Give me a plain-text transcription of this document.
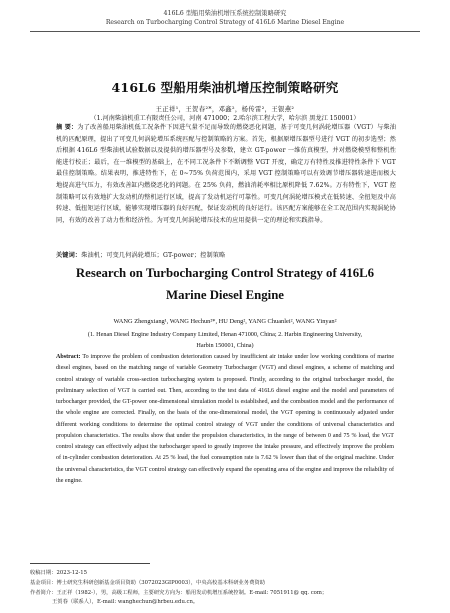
416L6 型船用柴油机增压系统控制策略研究
Research on Turbocharging Control Strategy of 416L6 Marine Diesel Engine
416L6 型船用柴油机增压控制策略研究
王正祥¹，王贺春²*，邓鑫²，杨传雷²，王银燕²
（1.河南柴油机重工有限责任公司，河南 471000；2.哈尔滨工程大学，哈尔滨 黑龙江 150001）
摘 要：为了改善船用柴油机低工况条件下因进气量不足而导致的燃烧恶化问题，基于可变几何涡轮增压器（VGT）与柴油机的匹配原理，提出了可变几何涡轮增压系统匹配与控制策略的方案。首先，根据原增压器型号进行 VGT 的初步选型；然后根据 416L6 型柴油机试验数据以及提供的增压器型号及参数，建立 GT-power 一维仿真模型，并对燃烧模型和整机性能进行校正；最后，在一维模型的基础上，在不同工况条件下不断调整 VGT 开度，确定万有特性及推进特性条件下 VGT 最佳控制策略。结果表明，推进特性下，在 0~75% 负荷范围内，采用 VGT 控制策略可以有效调节增压器转速进而极大地提高进气压力，有效改善缸内燃烧恶化的问题。在 25% 负荷，燃油消耗率相比原机降低 7.62%。万有特性下，VGT 控制策略可以有效地扩大发动机的整机运行区域，提高了发动机运行可靠性。可变几何涡轮增压模式在低转速、全扭矩及中高转速、低扭矩运行区域，能够实现增压器的良好匹配，保证发动机的良好运行。该匹配方案能够在全工况范围内实现涡轮协同，有效的改善了动力性和经济性。为可变几何涡轮增压技术的应用提供一定的理论和实践指导。
关键词：柴油机；可变几何涡轮增压；GT-power；控制策略
Research on Turbocharging Control Strategy of 416L6
Marine Diesel Engine
WANG Zhengxiang¹, WANG Hechun²*, HU Deng², YANG Chuanlei², WANG Yinyan²
(1. Henan Diesel Engine Industry Company Limited, Henan 471000, China; 2. Harbin Engineering University,
Harbin 150001, China)
Abstract: To improve the problem of combustion deterioration caused by insufficient air intake under low working conditions of marine diesel engines, based on the matching range of variable Geometry Turbocharger (VGT) and diesel engines, a scheme of matching and control strategy of variable cross-section turbocharging system is proposed. Firstly, according to the original turbocharger model, the preliminary selection of VGT is carried out. Then, according to the test data of 416L6 diesel engine and the model and parameters of turbocharger provided, the GT-power one-dimensional simulation model is established, and the combustion model and the performance of the whole engine are corrected. Finally, on the basis of the one-dimensional model, the VGT opening is continuously adjusted under different working conditions to determine the optimal control strategy of VGT under the conditions of universal characteristics and propulsion characteristics. The results show that under the propulsion characteristics, in the range of between 0 and 75 % load, the VGT control strategy can effectively adjust the turbocharger speed to greatly improve the intake pressure, and effectively improve the problem of in-cylinder combustion deterioration. At 25 % load, the fuel consumption rate is 7.62 % lower than that of the original machine. Under the universal characteristics, the VGT control strategy can effectively expand the operating area of the engine and improve the reliability of the engine.
收稿日期：2023-12-15
基金项目：博士研究生科研创新基金项目资助（3072023GIP0003），中央高校基本科研业务费资助
作者简介：王正祥（1982-），男，高级工程师，主要研究方向为：船用发动机增压系统控制。E-mail: 7051911@ qq. com；
王贺春（联系人），E-mail: wanghechun@hrbeu.edu.cn。
